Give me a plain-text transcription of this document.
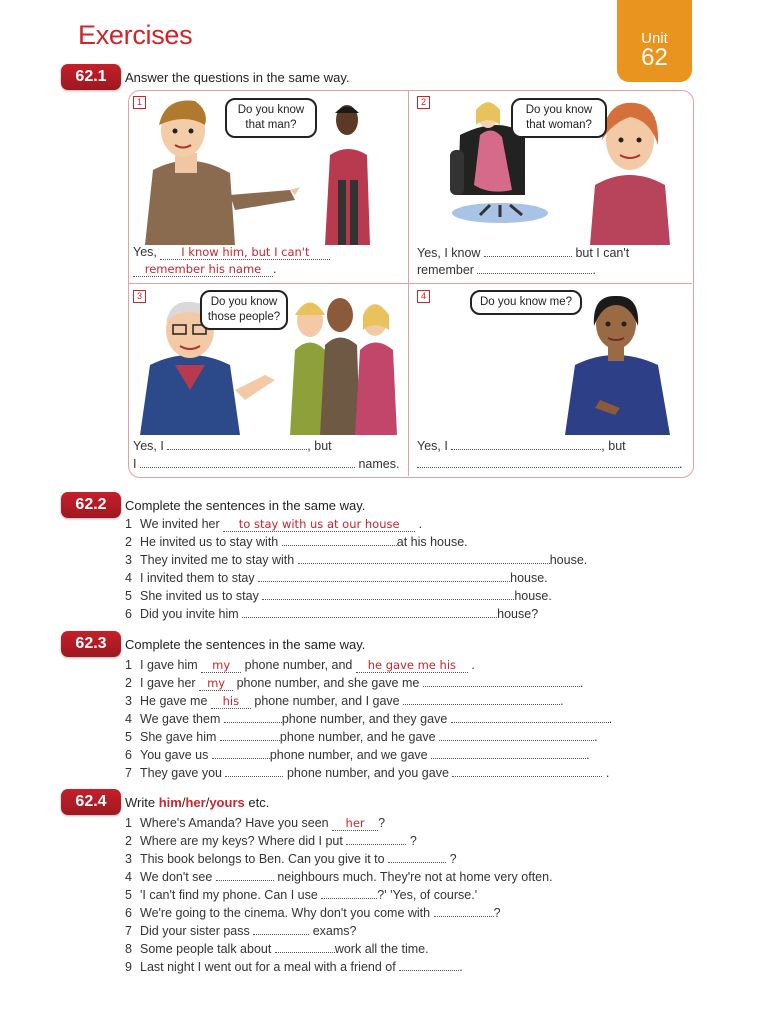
Exercises	Unit
62
62.1	Answer the questions in the same way.
1
Do you know that man?
Yes, I know him, but I can't
remember his name .
2
Do you know that woman?
Yes, I know	but I can't
remember	.
3	Do you know those people?
Yes, I	, but
I	names.
4	Do you know me?
Yes, I	, but
.
62.2	Complete the sentences in the same way.
1 We invited her to stay with us at our house .
2 He invited us to stay with	at his house.
3 They invited me to stay with	house.
4 I invited them to stay	house.
5 She invited us to stay	house.
6 Did you invite him	house?
62.3	Complete the sentences in the same way.
1 I gave him my phone number, and he gave me his .
2 I gave her my phone number, and she gave me	.
3 He gave me his phone number, and I gave	.
4 We gave them	phone number, and they gave	.
5 She gave him	phone number, and he gave	.
6 You gave us	phone number, and we gave	.
7 They gave you	phone number, and you gave	.
62.4	Write him/her/yours etc.
1 Where's Amanda? Have you seen her ?
2 Where are my keys? Where did I put	?
3 This book belongs to Ben. Can you give it to	?
4 We don't see	neighbours much. They're not at home very often.
5 'I can't find my phone. Can I use	?' 'Yes, of course.'
6 We're going to the cinema. Why don't you come with	?
7 Did your sister pass	exams?
8 Some people talk about	work all the time.
9 Last night I went out for a meal with a friend of	.
